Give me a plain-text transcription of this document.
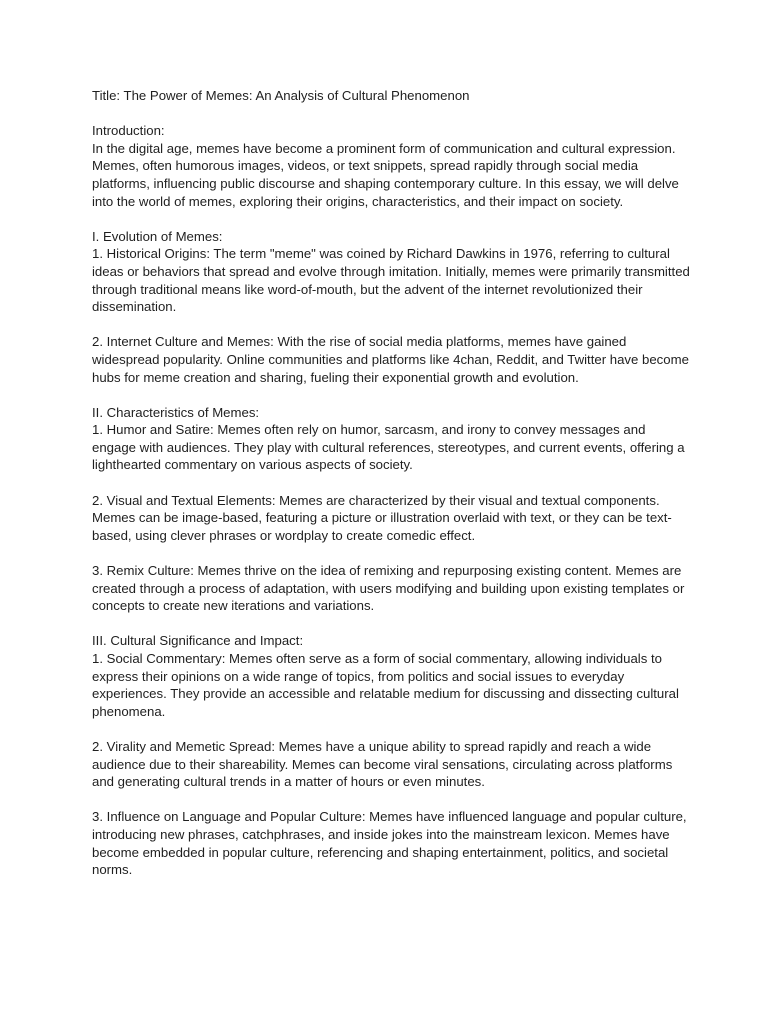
Title: The Power of Memes: An Analysis of Cultural Phenomenon

Introduction:
In the digital age, memes have become a prominent form of communication and cultural expression. Memes, often humorous images, videos, or text snippets, spread rapidly through social media platforms, influencing public discourse and shaping contemporary culture. In this essay, we will delve into the world of memes, exploring their origins, characteristics, and their impact on society.

I. Evolution of Memes:
1. Historical Origins: The term "meme" was coined by Richard Dawkins in 1976, referring to cultural ideas or behaviors that spread and evolve through imitation. Initially, memes were primarily transmitted through traditional means like word-of-mouth, but the advent of the internet revolutionized their dissemination.

2. Internet Culture and Memes: With the rise of social media platforms, memes have gained widespread popularity. Online communities and platforms like 4chan, Reddit, and Twitter have become hubs for meme creation and sharing, fueling their exponential growth and evolution.

II. Characteristics of Memes:
1. Humor and Satire: Memes often rely on humor, sarcasm, and irony to convey messages and engage with audiences. They play with cultural references, stereotypes, and current events, offering a lighthearted commentary on various aspects of society.

2. Visual and Textual Elements: Memes are characterized by their visual and textual components. Memes can be image-based, featuring a picture or illustration overlaid with text, or they can be text-based, using clever phrases or wordplay to create comedic effect.

3. Remix Culture: Memes thrive on the idea of remixing and repurposing existing content. Memes are created through a process of adaptation, with users modifying and building upon existing templates or concepts to create new iterations and variations.

III. Cultural Significance and Impact:
1. Social Commentary: Memes often serve as a form of social commentary, allowing individuals to express their opinions on a wide range of topics, from politics and social issues to everyday experiences. They provide an accessible and relatable medium for discussing and dissecting cultural phenomena.

2. Virality and Memetic Spread: Memes have a unique ability to spread rapidly and reach a wide audience due to their shareability. Memes can become viral sensations, circulating across platforms and generating cultural trends in a matter of hours or even minutes.

3. Influence on Language and Popular Culture: Memes have influenced language and popular culture, introducing new phrases, catchphrases, and inside jokes into the mainstream lexicon. Memes have become embedded in popular culture, referencing and shaping entertainment, politics, and societal norms.
